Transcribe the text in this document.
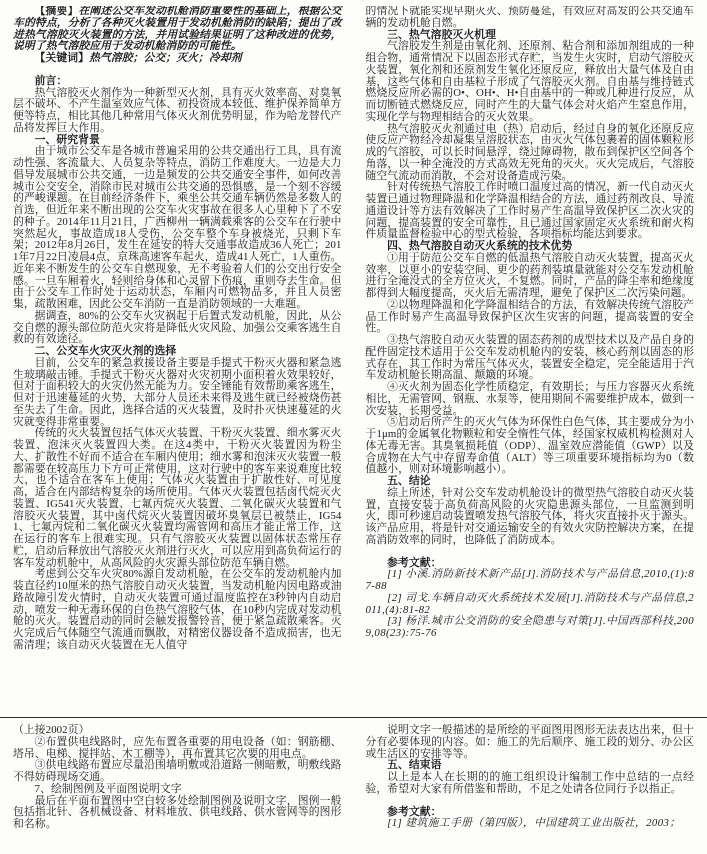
【摘要】在阐述公交车发动机舱消防重要性的基础上，根据公交车的特点，分析了各种灭火装置用于发动机舱消防的缺陷；提出了改进热气溶胶灭火装置的方法，并用试验结果证明了这种改进的优势，说明了热气溶胶应用于发动机舱消防的可能性。

【关键词】热气溶胶；公交；灭火；冷却剂

前言：

热气溶胶灭火剂作为一种新型灭火剂，具有灭火效率高、对臭氧层不破坏、不产生温室效应气体、初投资成本较低、维护保养简单方便等特点，相比其他几种常用气体灭火剂优势明显，作为哈龙替代产品将发挥巨大作用。

一、研究背景

由于城市公交车是各城市普遍采用的公共交通出行工具，具有流动性强、客流量大、人员复杂等特点，消防工作难度大。一边是大力倡导发展城市公共交通，一边是频发的公共交通安全事件，如何改善城市公交安全，消除市民对城市公共交通的恐惧感，是一个刻不容缓的严峻课题。在目前经济条件下，乘坐公共交通车辆仍然是多数人的首选，但近年来不断出现的公交车火灾事故在很多人心里种下了不安的种子。2014年11月21日，广西柳州一辆满载乘客的公交车在行驶中突然起火，事故造成18人受伤，公交车整个车身被烧光，只剩下车架；2012年8月26日，发生在延安的特大交通事故造成36人死亡；2011年7月22日凌晨4点，京珠高速客车起火，造成41人死亡，1人重伤。近年来不断发生的公交车自燃现象，无不考验着人们的公交出行安全感。一旦车厢着火，轻则给身体和心灵留下伤痕，重则夺去生命。但由于公交车工作时处于运动状态，车厢内可燃物品多，并且人员密集，疏散困难，因此公交车消防一直是消防领域的一大难题。

据调查，80%的公交车火灾祸起于后置式发动机舱，因此，从公交自燃的源头部位防范火灾将是降低火灾风险、加强公交乘客逃生自救的有效途径。

二、公交车火灾灭火剂的选择

目前，公交车的紧急救援设备主要是手提式干粉灭火器和紧急逃生玻璃敲击锤。手提式干粉灭火器对火灾初期小面积着火效果较好，但对于面积较大的火灾仍然无能为力。安全锤能有效帮助乘客逃生，但对于迅速蔓延的火势，大部分人员还未来得及逃生就已经被烧伤甚至失去了生命。因此，选择合适的灭火装置，及时扑灭快速蔓延的火灾就变得非常重要。

传统的灭火装置包括气体灭火装置、干粉灭火装置、细水雾灭火装置、泡沫灭火装置四大类。在这4类中，干粉灭火装置因为粉尘大、扩散性不好而不适合在车厢内使用；细水雾和泡沫灭火装置一般都需要在较高压力下方可正常使用，这对行驶中的客车来说难度比较大，也不适合在客车上使用；气体灭火装置由于扩散性好、可见度高，适合在内部结构复杂的场所使用。气体灭火装置包括卤代烷灭火装置、IG541灭火装置、七氟丙烷灭火装置、二氧化碳灭火装置和气溶胶灭火装置，其中卤代烷灭火装置因破坏臭氧层已被禁止，IG541、七氟丙烷和二氧化碳灭火装置均需管网和高压才能正常工作，这在运行的客车上很难实现。只有气溶胶灭火装置以固体状态常压存贮，启动后释放出气溶胶灭火剂进行灭火，可以应用到高负荷运行的客车发动机舱中，从高风险的火灾源头部位防范车辆自燃。

考虑到公交车火灾80%源自发动机舱，在公交车的发动机舱内加装直径约10厘米的热气溶胶自动灭火装置，当发动机舱内因电路或油路故障引发火情时，自动灭火装置可通过温度监控在3秒钟内自动启动，喷发一种无毒环保的白色热气溶胶气体，在10秒内完成对发动机舱的灭火。装置启动的同时会触发报警铃音，便于紧急疏散乘客。灭火完成后气体随空气流通而飘散，对精密仪器设备不造成损害，也无需清理；该自动灭火装置在无人值守

的情况下就能实现早期灭火、预防蔓延，有效应对高发的公共交通车辆的发动机舱自燃。

三、热气溶胶灭火机理

气溶胶发生剂是由氧化剂、还原剂、粘合剂和添加剂组成的一种组合物，通常情况下以固态形式存贮，当发生火灾时，启动气溶胶灭火装置，氧化剂和还原剂发生氧化还原反应，释放出大量气体及自由基，这些气体和自由基粒子形成了气溶胶灭火剂。自由基与维持链式燃烧反应所必需的O•、OH•、H•自由基中的一种或几种进行反应，从而切断链式燃烧反应，同时产生的大量气体会对火焰产生窒息作用，实现化学与物理相结合的灭火效果。

热气溶胶灭火剂通过电（热）启动后，经过自身的氧化还原反应使反应产物经冷却凝集呈溶胶状态，由灭火气体包裹着的固体颗粒形成的气溶胶，可以长时间悬浮，绕过障碍物，散布到保护区空间各个角落，以一种全淹没的方式高效无死角的灭火。灭火完成后，气溶胶随空气流动而消散，不会对设备造成污染。

针对传统热气溶胶工作时喷口温度过高的情况，新一代自动灭火装置已通过物理降温和化学降温相结合的方法，通过药剂改良、导流通道设计等方法有效解决了工作时易产生高温导致保护区二次火灾的问题，提高装置的安全可靠性，且已通过国家固定灭火系统和耐火构件质量监督检验中心的型式检验，各项指标均能达到要求。

四、热气溶胶自动灭火系统的技术优势

①用于防范公交车自燃的低温热气溶胶自动灭火装置，提高灭火效率，以更小的安装空间、更少的药剂装填量就能对公交车发动机舱进行全淹没式的全方位灭火，不复燃。同时，产品的降尘率和绝缘度都得到大幅度提高，灭火后无需清理，避免了保护区二次污染问题。

②以物理降温和化学降温相结合的方法，有效解决传统气溶胶产品工作时易产生高温导致保护区次生灾害的问题，提高装置的安全性。

③热气溶胶自动灭火装置的固态药剂的成型技术以及产品自身的配件固定技术适用于公交车发动机舱内的安装，核心药剂以固态的形式存在，其工作时为常压气体灭火，装置安全稳定，完全能适用于汽车发动机舱长期高温、颠簸的环境。

④灭火剂为固态化学性质稳定，有效期长；与压力容器灭火系统相比，无需管网、钢瓶、水泵等，使用期间不需要维护成本，做到一次安装，长期受益。

⑤启动后所产生的灭火气体为环保性白色气体，其主要成分为小于1μm的金属氧化物颗粒和安全惰性气体，经国家权威机构检测对人体无毒无害。其臭氧损耗值（ODP）、温室效应潜能值（GWP）以及合成物在大气中存留寿命值（ALT）等三项重要环境指标均为0（数值越小，则对环境影响越小）。

五、结论

综上所述，针对公交车发动机舱设计的微型热气溶胶自动灭火装置，直接安装于高负荷高风险的火灾隐患源头部位，一旦监测到明火，即可秒速启动装置喷发热气溶胶气体，将火灾直接扑灭于源头。该产品应用，将是针对交通运输安全的有效火灾防控解决方案，在提高消防效率的同时，也降低了消防成本。

参考文献：

[1] 小溪.消防新技术新产品[J].消防技术与产品信息,2010,(1):87-88

[2] 司戈.车辆自动灭火系统技术发展[J].消防技术与产品信息,2011,(4):81-82

[3] 杨洋.城市公交消防的安全隐患与对策[J].中国西部科技,2009,08(23):75-76

（上接2002页）

②布置供电线路时，应先布置各重要的用电设备（如：钢筋棚、塔吊、电梯、搅拌站、木工棚等），再布置其它次要的用电点。

③供电线路布置应尽量沿围墙明敷或沿道路一侧暗敷，明敷线路不得妨碍现场交通。

7、绘制图例及平面图说明文字

最后在平面布置图中空白较多处绘制图例及说明文字，图例一般包括指北针、各机械设备、材料堆放、供电线路、供水管网等的图形和名称。

说明文字一般描述的是所绘的平面图用图形无法表达出来，但十分有必要体现的内容。如：施工的先后顺序、施工段的划分、办公区或生活区的安排等等。

五、结束语

以上是本人在长期的的施工组织设计编制工作中总结的一点经验，希望对大家有所借鉴和帮助，不足之处请各位同行予以指正。

参考文献：

[1] 建筑施工手册（第四版），中国建筑工业出版社，2003；
